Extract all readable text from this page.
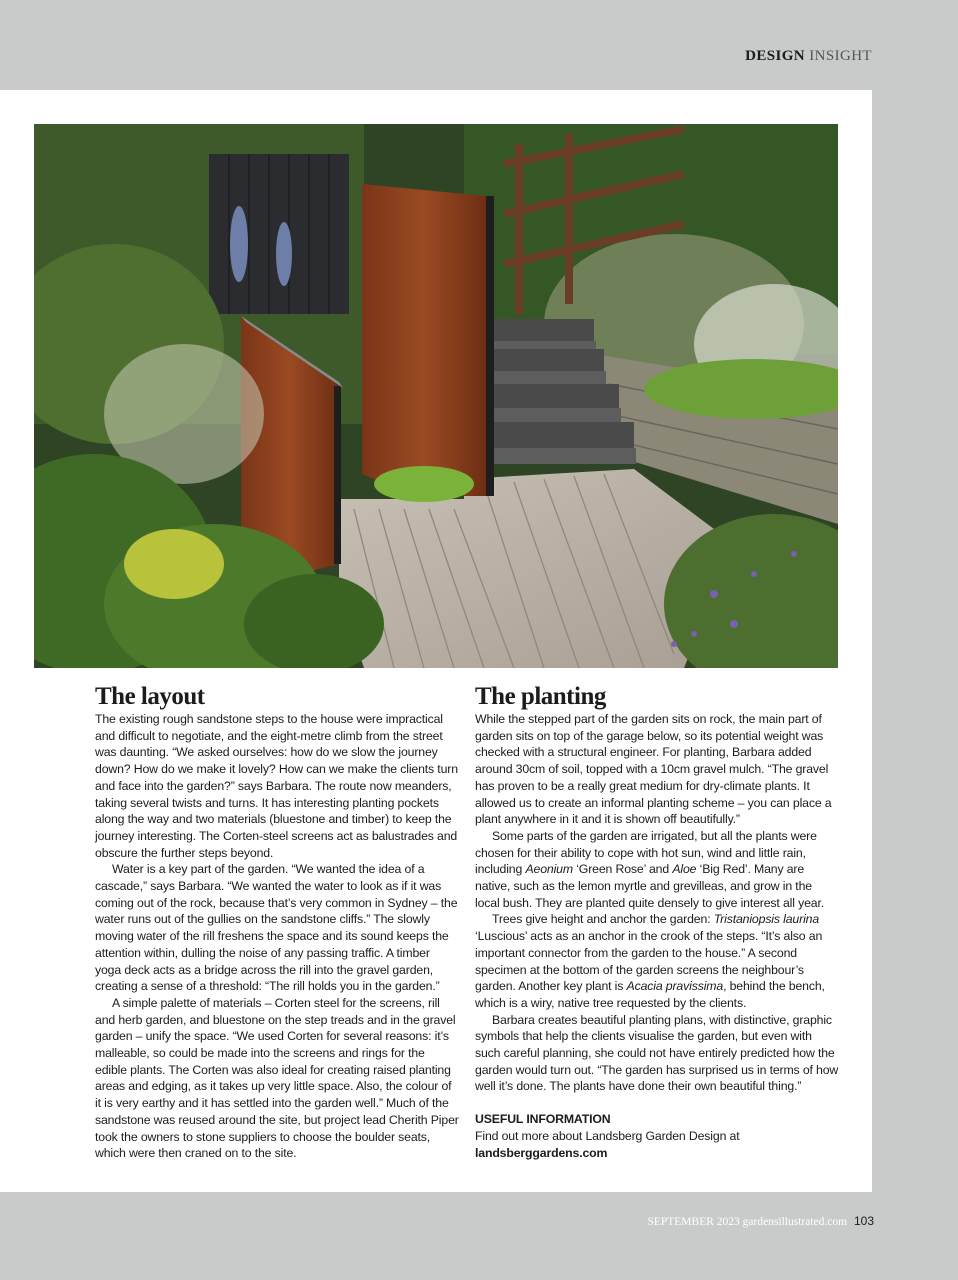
DESIGN INSIGHT
The layout

The existing rough sandstone steps to the house were impractical and difficult to negotiate, and the eight-metre climb from the street was daunting. “We asked ourselves: how do we slow the journey down? How do we make it lovely? How can we make the clients turn and face into the garden?” says Barbara. The route now meanders, taking several twists and turns. It has interesting planting pockets along the way and two materials (bluestone and timber) to keep the journey interesting. The Corten-steel screens act as balustrades and obscure the further steps beyond.

Water is a key part of the garden. “We wanted the idea of a cascade,” says Barbara. “We wanted the water to look as if it was coming out of the rock, because that’s very common in Sydney – the water runs out of the gullies on the sandstone cliffs.” The slowly moving water of the rill freshens the space and its sound keeps the attention within, dulling the noise of any passing traffic. A timber yoga deck acts as a bridge across the rill into the gravel garden, creating a sense of a threshold: “The rill holds you in the garden.”

A simple palette of materials – Corten steel for the screens, rill and herb garden, and bluestone on the step treads and in the gravel garden – unify the space. “We used Corten for several reasons: it’s malleable, so could be made into the screens and rings for the edible plants. The Corten was also ideal for creating raised planting areas and edging, as it takes up very little space. Also, the colour of it is very earthy and it has settled into the garden well.” Much of the sandstone was reused around the site, but project lead Cherith Piper took the owners to stone suppliers to choose the boulder seats, which were then craned on to the site.

The planting

While the stepped part of the garden sits on rock, the main part of garden sits on top of the garage below, so its potential weight was checked with a structural engineer. For planting, Barbara added around 30cm of soil, topped with a 10cm gravel mulch. “The gravel has proven to be a really great medium for dry-climate plants. It allowed us to create an informal planting scheme – you can place a plant anywhere in it and it is shown off beautifully.”

Some parts of the garden are irrigated, but all the plants were chosen for their ability to cope with hot sun, wind and little rain, including Aeonium ‘Green Rose’ and Aloe ‘Big Red’. Many are native, such as the lemon myrtle and grevilleas, and grow in the local bush. They are planted quite densely to give interest all year.

Trees give height and anchor the garden: Tristaniopsis laurina ‘Luscious’ acts as an anchor in the crook of the steps. “It’s also an important connector from the garden to the house.” A second specimen at the bottom of the garden screens the neighbour’s garden. Another key plant is Acacia pravissima, behind the bench, which is a wiry, native tree requested by the clients.

Barbara creates beautiful planting plans, with distinctive, graphic symbols that help the clients visualise the garden, but even with such careful planning, she could not have entirely predicted how the garden would turn out. “The garden has surprised us in terms of how well it’s done. The plants have done their own beautiful thing.”

USEFUL INFORMATION

Find out more about Landsberg Garden Design at

landsberggardens.com

SEPTEMBER 2023 gardensillustrated.com 103
